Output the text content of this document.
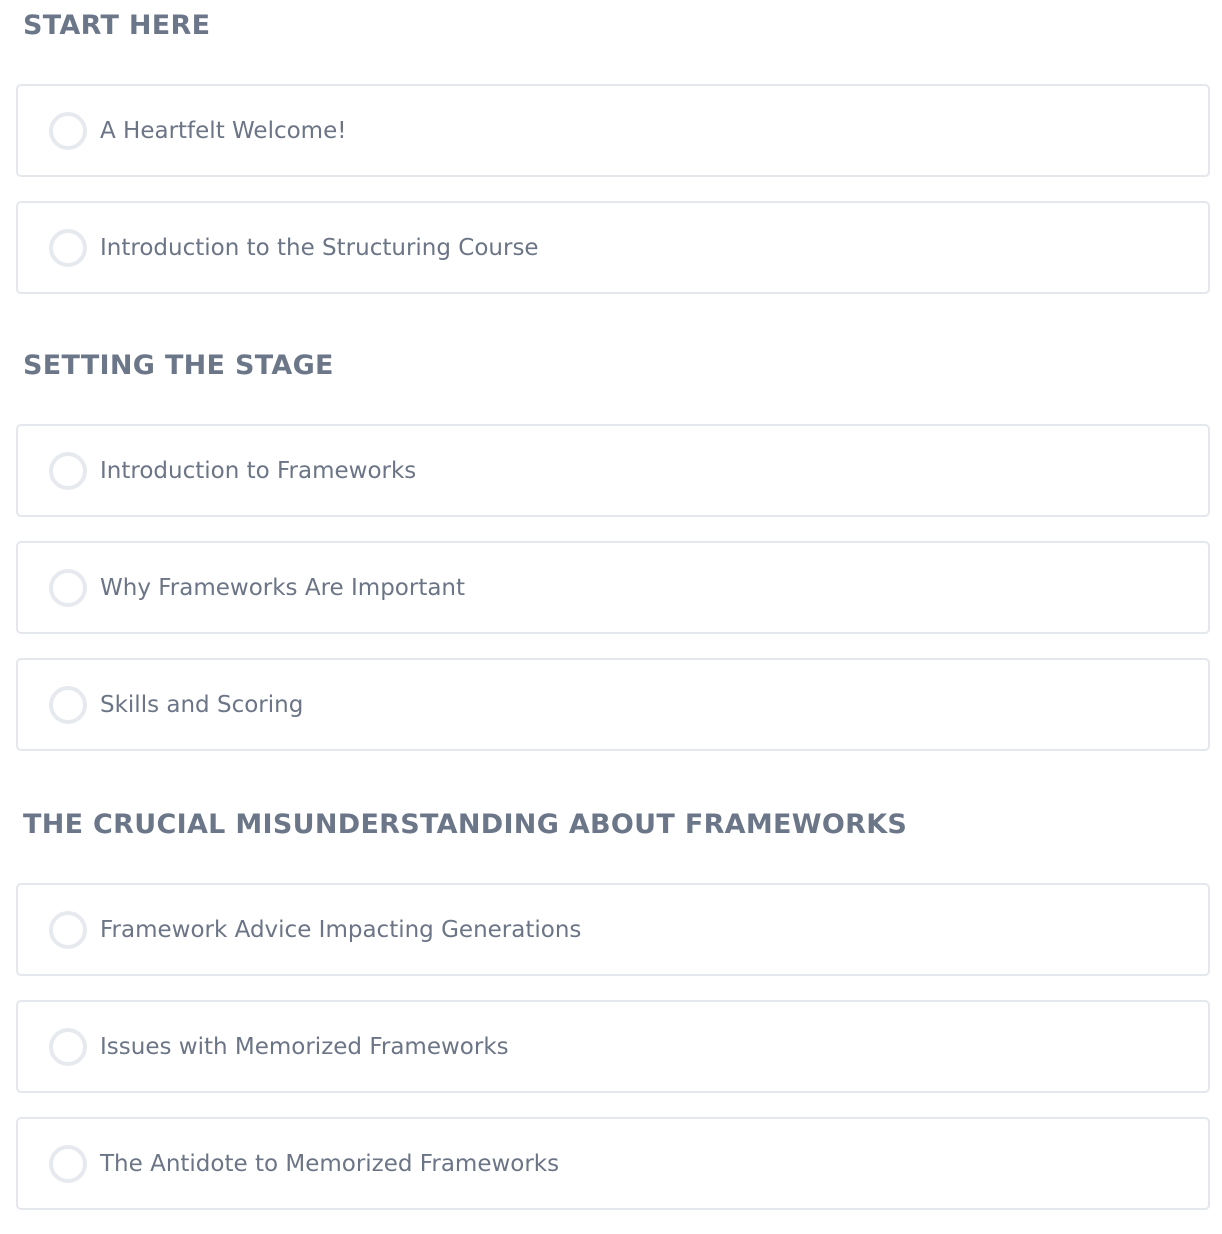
START HERE
A Heartfelt Welcome!
Introduction to the Structuring Course
SETTING THE STAGE
Introduction to Frameworks
Why Frameworks Are Important
Skills and Scoring
THE CRUCIAL MISUNDERSTANDING ABOUT FRAMEWORKS
Framework Advice Impacting Generations
Issues with Memorized Frameworks
The Antidote to Memorized Frameworks
